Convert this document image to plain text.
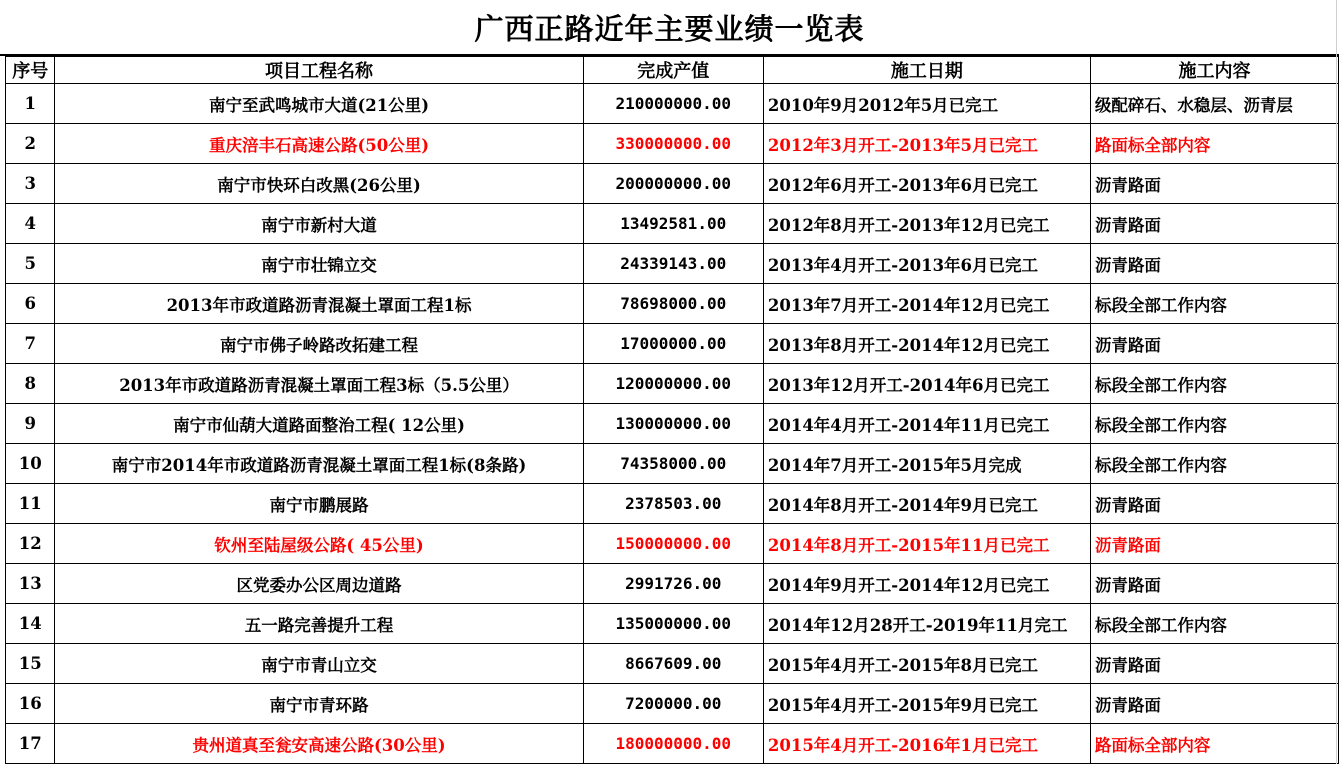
广西正路近年主要业绩一览表
序号	项目工程名称	完成产值	施工日期	施工内容
1	南宁至武鸣城市大道(21公里)	210000000.00	2010年9月2012年5月已完工	级配碎石、水稳层、沥青层
2	重庆涪丰石高速公路(50公里)	330000000.00	2012年3月开工-2013年5月已完工	路面标全部内容
3	南宁市快环白改黑(26公里)	200000000.00	2012年6月开工-2013年6月已完工	沥青路面
4	南宁市新村大道	13492581.00	2012年8月开工-2013年12月已完工	沥青路面
5	南宁市壮锦立交	24339143.00	2013年4月开工-2013年6月已完工	沥青路面
6	2013年市政道路沥青混凝土罩面工程1标	78698000.00	2013年7月开工-2014年12月已完工	标段全部工作内容
7	南宁市佛子岭路改拓建工程	17000000.00	2013年8月开工-2014年12月已完工	沥青路面
8	2013年市政道路沥青混凝土罩面工程3标（5.5公里）	120000000.00	2013年12月开工-2014年6月已完工	标段全部工作内容
9	南宁市仙葫大道路面整治工程( 12公里)	130000000.00	2014年4月开工-2014年11月已完工	标段全部工作内容
10	南宁市2014年市政道路沥青混凝土罩面工程1标(8条路)	74358000.00	2014年7月开工-2015年5月完成	标段全部工作内容
11	南宁市鹏展路	2378503.00	2014年8月开工-2014年9月已完工	沥青路面
12	钦州至陆屋级公路( 45公里)	150000000.00	2014年8月开工-2015年11月已完工	沥青路面
13	区党委办公区周边道路	2991726.00	2014年9月开工-2014年12月已完工	沥青路面
14	五一路完善提升工程	135000000.00	2014年12月28开工-2019年11月完工	标段全部工作内容
15	南宁市青山立交	8667609.00	2015年4月开工-2015年8月已完工	沥青路面
16	南宁市青环路	7200000.00	2015年4月开工-2015年9月已完工	沥青路面
17	贵州道真至瓮安高速公路(30公里)	180000000.00	2015年4月开工-2016年1月已完工	路面标全部内容
